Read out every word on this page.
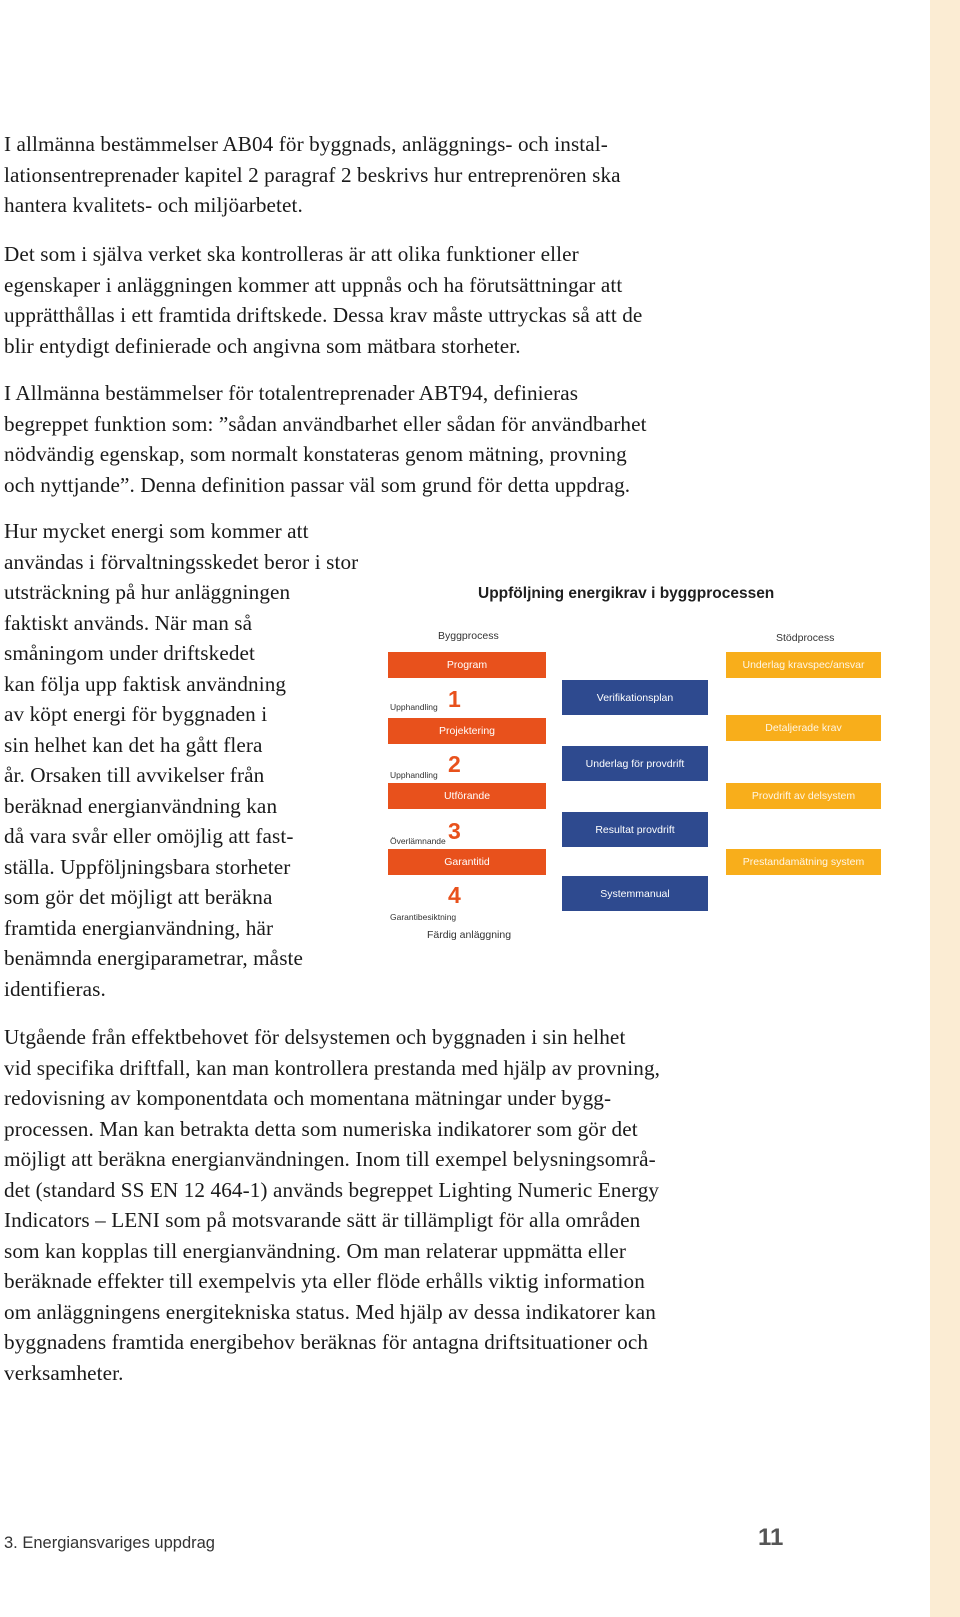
I allmänna bestämmelser AB04 för byggnads, anläggnings- och instal-
lationsentreprenader kapitel 2 paragraf 2 beskrivs hur entreprenören ska
hantera kvalitets- och miljöarbetet.

Det som i själva verket ska kontrolleras är att olika funktioner eller
egenskaper i anläggningen kommer att uppnås och ha förutsättningar att
upprätthållas i ett framtida driftskede. Dessa krav måste uttryckas så att de
blir entydigt definierade och angivna som mätbara storheter.

I Allmänna bestämmelser för totalentreprenader ABT94, definieras
begreppet funktion som: ”sådan användbarhet eller sådan för användbarhet
nödvändig egenskap, som normalt konstateras genom mätning, provning
och nyttjande”. Denna definition passar väl som grund för detta uppdrag.

Hur mycket energi som kommer att
användas i förvaltningsskedet beror i stor
utsträckning på hur anläggningen
faktiskt används. När man så
småningom under driftskedet
kan följa upp faktisk användning
av köpt energi för byggnaden i
sin helhet kan det ha gått flera
år. Orsaken till avvikelser från
beräknad energianvändning kan
då vara svår eller omöjlig att fast-
ställa. Uppföljningsbara storheter
som gör det möjligt att beräkna
framtida energianvändning, här
benämnda energiparametrar, måste
identifieras.

Uppföljning energikrav i byggprocessen
Byggprocess	Stödprocess
Program
Projektering
Utförande
Garantitid
Upphandling 1
Upphandling 2
Överlämnande 3
Garantibesiktning
4
Färdig anläggning
Verifikationsplan
Underlag för provdrift
Resultat provdrift
Systemmanual
Underlag kravspec/ansvar
Detaljerade krav
Provdrift av delsystem
Prestandamätning system

Utgående från effektbehovet för delsystemen och byggnaden i sin helhet
vid specifika driftfall, kan man kontrollera prestanda med hjälp av provning,
redovisning av komponentdata och momentana mätningar under bygg-
processen. Man kan betrakta detta som numeriska indikatorer som gör det
möjligt att beräkna energianvändningen. Inom till exempel belysningsområ-
det (standard SS EN 12 464-1) används begreppet Lighting Numeric Energy
Indicators – LENI som på motsvarande sätt är tillämpligt för alla områden
som kan kopplas till energianvändning. Om man relaterar uppmätta eller
beräknade effekter till exempelvis yta eller flöde erhålls viktig information
om anläggningens energitekniska status. Med hjälp av dessa indikatorer kan
byggnadens framtida energibehov beräknas för antagna driftsituationer och
verksamheter.

3. Energiansvariges uppdrag	11
